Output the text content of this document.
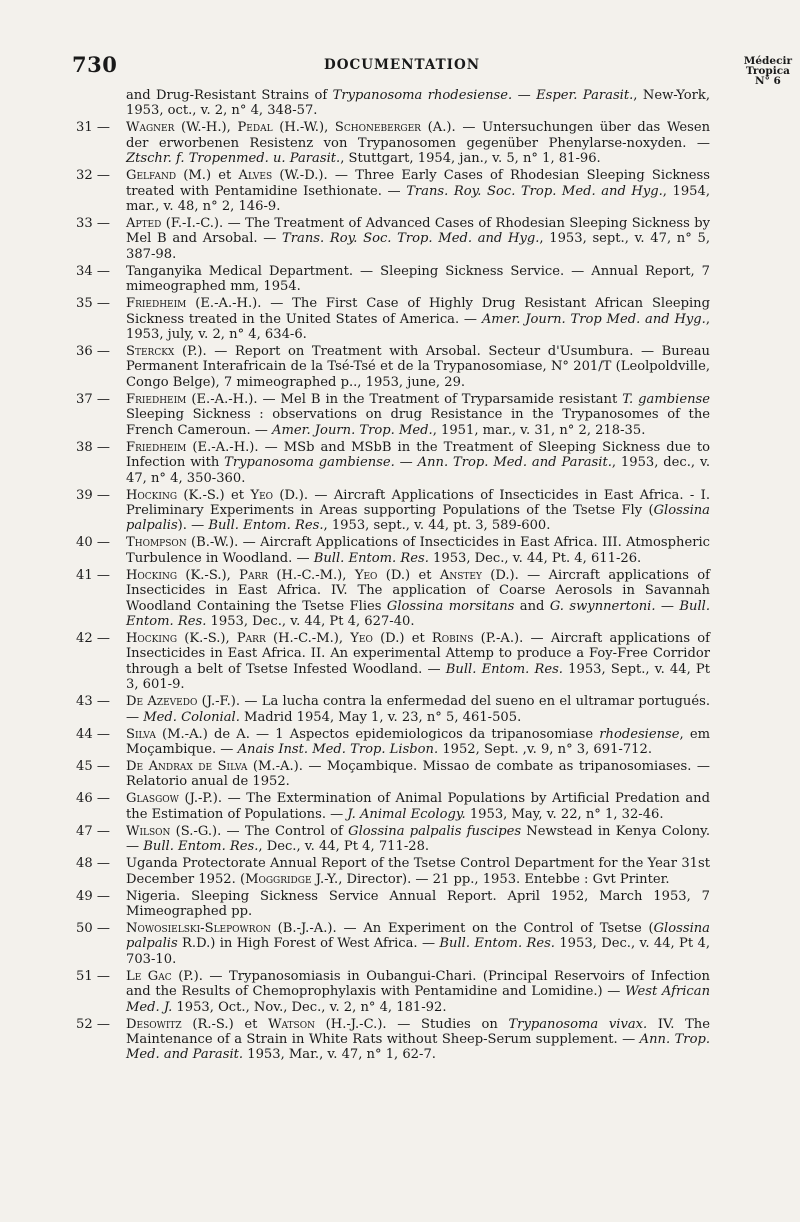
730	DOCUMENTATION	Médecir
Tropica
N° 6
and Drug-Resistant Strains of Trypanosoma rhodesiense. — Esper. Parasit., New-York, 1953, oct., v. 2, n° 4, 348-57.
31 —	Wagner (W.-H.), Pedal (H.-W.), Schoneberger (A.). — Untersuchungen über das Wesen der erworbenen Resistenz von Trypanosomen gegenüber Phenylarse-noxyden. — Ztschr. f. Tropenmed. u. Parasit., Stuttgart, 1954, jan., v. 5, n° 1, 81-96.
32 —	Gelfand (M.) et Alves (W.-D.). — Three Early Cases of Rhodesian Sleeping Sickness treated with Pentamidine Isethionate. — Trans. Roy. Soc. Trop. Med. and Hyg., 1954, mar., v. 48, n° 2, 146-9.
33 —	Apted (F.-I.-C.). — The Treatment of Advanced Cases of Rhodesian Sleeping Sickness by Mel B and Arsobal. — Trans. Roy. Soc. Trop. Med. and Hyg., 1953, sept., v. 47, n° 5, 387-98.
34 —	Tanganyika Medical Department. — Sleeping Sickness Service. — Annual Report, 7 mimeographed mm, 1954.
35 —	Friedheim (E.-A.-H.). — The First Case of Highly Drug Resistant African Sleeping Sickness treated in the United States of America. — Amer. Journ. Trop Med. and Hyg., 1953, july, v. 2, n° 4, 634-6.
36 —	Sterckx (P.). — Report on Treatment with Arsobal. Secteur d'Usumbura. — Bureau Permanent Interafricain de la Tsé-Tsé et de la Trypanosomiase, N° 201/T (Leolpoldville, Congo Belge), 7 mimeographed p.., 1953, june, 29.
37 —	Friedheim (E.-A.-H.). — Mel B in the Treatment of Tryparsamide resistant T. gambiense Sleeping Sickness : observations on drug Resistance in the Trypanosomes of the French Cameroun. — Amer. Journ. Trop. Med., 1951, mar., v. 31, n° 2, 218-35.
38 —	Friedheim (E.-A.-H.). — MSb and MSbB in the Treatment of Sleeping Sickness due to Infection with Trypanosoma gambiense. — Ann. Trop. Med. and Parasit., 1953, dec., v. 47, n° 4, 350-360.
39 —	Hocking (K.-S.) et Yeo (D.). — Aircraft Applications of Insecticides in East Africa. - I. Preliminary Experiments in Areas supporting Populations of the Tsetse Fly (Glossina palpalis). — Bull. Entom. Res., 1953, sept., v. 44, pt. 3, 589-600.
40 —	Thompson (B.-W.). — Aircraft Applications of Insecticides in East Africa. III. Atmospheric Turbulence in Woodland. — Bull. Entom. Res. 1953, Dec., v. 44, Pt. 4, 611-26.
41 —	Hocking (K.-S.), Parr (H.-C.-M.), Yeo (D.) et Anstey (D.). — Aircraft applications of Insecticides in East Africa. IV. The application of Coarse Aerosols in Savannah Woodland Containing the Tsetse Flies Glossina morsitans and G. swynnertoni. — Bull. Entom. Res. 1953, Dec., v. 44, Pt 4, 627-40.
42 —	Hocking (K.-S.), Parr (H.-C.-M.), Yeo (D.) et Robins (P.-A.). — Aircraft applications of Insecticides in East Africa. II. An experimental Attemp to produce a Foy-Free Corridor through a belt of Tsetse Infested Woodland. — Bull. Entom. Res. 1953, Sept., v. 44, Pt 3, 601-9.
43 —	De Azevedo (J.-F.). — La lucha contra la enfermedad del sueno en el ultramar portugués. — Med. Colonial. Madrid 1954, May 1, v. 23, n° 5, 461-505.
44 —	Silva (M.-A.) de A. — 1 Aspectos epidemiologicos da tripanosomiase rhodesiense, em Moçambique. — Anais Inst. Med. Trop. Lisbon. 1952, Sept. ,v. 9, n° 3, 691-712.
45 —	De Andrax de Silva (M.-A.). — Moçambique. Missao de combate as tripanosomiases. — Relatorio anual de 1952.
46 —	Glasgow (J.-P.). — The Extermination of Animal Populations by Artificial Predation and the Estimation of Populations. — J. Animal Ecology. 1953, May, v. 22, n° 1, 32-46.
47 —	Wilson (S.-G.). — The Control of Glossina palpalis fuscipes Newstead in Kenya Colony. — Bull. Entom. Res., Dec., v. 44, Pt 4, 711-28.
48 —	Uganda Protectorate Annual Report of the Tsetse Control Department for the Year 31st December 1952. (Moggridge J.-Y., Director). — 21 pp., 1953. Entebbe : Gvt Printer.
49 —	Nigeria. Sleeping Sickness Service Annual Report. April 1952, March 1953, 7 Mimeographed pp.
50 —	Nowosielski-Slepowron (B.-J.-A.). — An Experiment on the Control of Tsetse (Glossina palpalis R.D.) in High Forest of West Africa. — Bull. Entom. Res. 1953, Dec., v. 44, Pt 4, 703-10.
51 —	Le Gac (P.). — Trypanosomiasis in Oubangui-Chari. (Principal Reservoirs of Infection and the Results of Chemoprophylaxis with Pentamidine and Lomidine.) — West African Med. J. 1953, Oct., Nov., Dec., v. 2, n° 4, 181-92.
52 —	Desowitz (R.-S.) et Watson (H.-J.-C.). — Studies on Trypanosoma vivax. IV. The Maintenance of a Strain in White Rats without Sheep-Serum supplement. — Ann. Trop. Med. and Parasit. 1953, Mar., v. 47, n° 1, 62-7.
